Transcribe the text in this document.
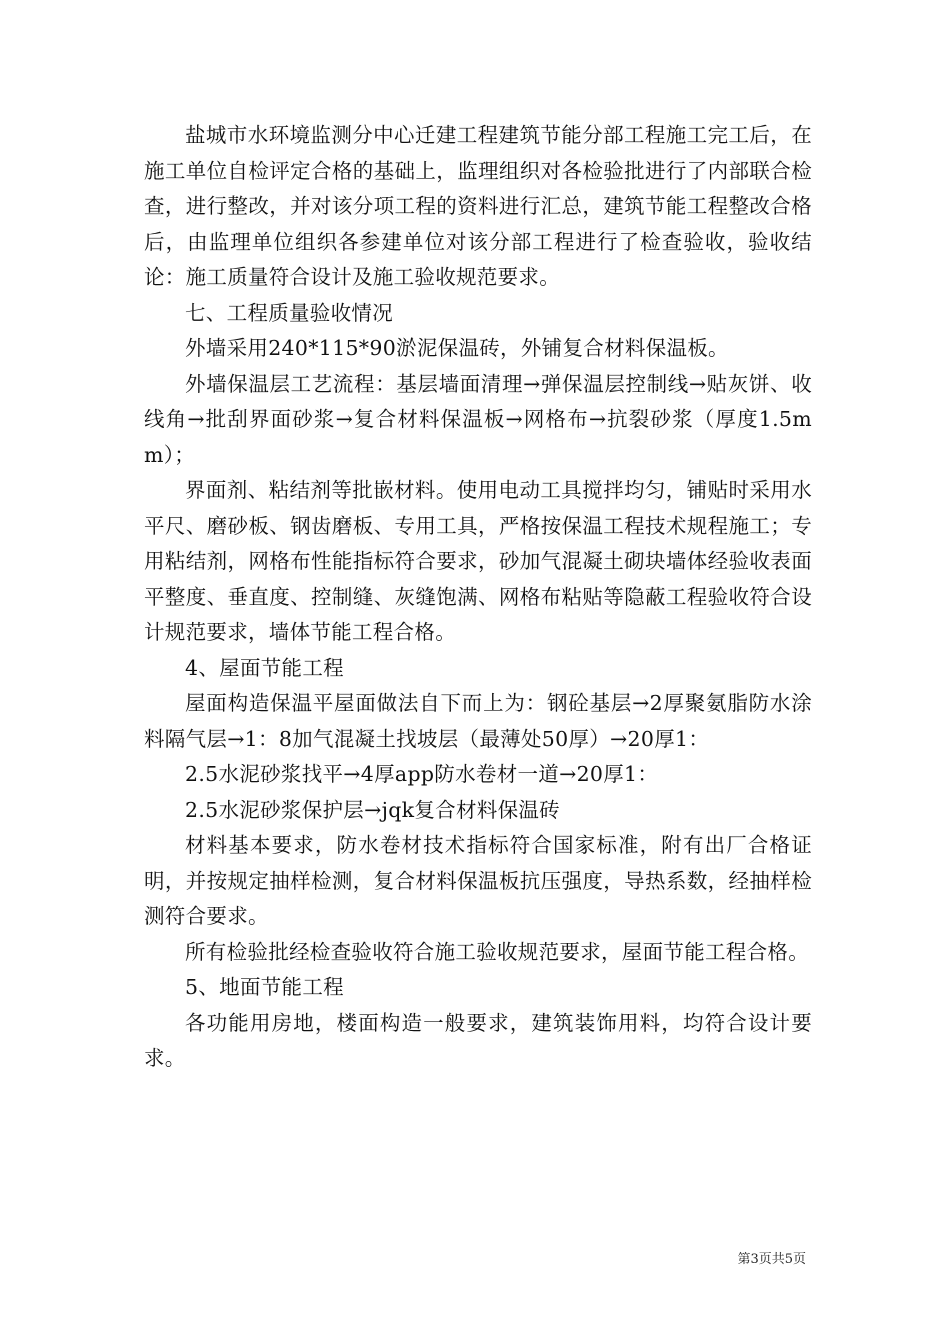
盐城市水环境监测分中心迁建工程建筑节能分部工程施工完工后，在施工单位自检评定合格的基础上，监理组织对各检验批进行了内部联合检查，进行整改，并对该分项工程的资料进行汇总，建筑节能工程整改合格后，由监理单位组织各参建单位对该分部工程进行了检查验收，验收结论：施工质量符合设计及施工验收规范要求。

七、工程质量验收情况

外墙采用240*115*90淤泥保温砖，外铺复合材料保温板。

外墙保温层工艺流程：基层墙面清理→弹保温层控制线→贴灰饼、收线角→批刮界面砂浆→复合材料保温板→网格布→抗裂砂浆（厚度1.5mm）；

界面剂、粘结剂等批嵌材料。使用电动工具搅拌均匀，铺贴时采用水平尺、磨砂板、钢齿磨板、专用工具，严格按保温工程技术规程施工；专用粘结剂，网格布性能指标符合要求，砂加气混凝土砌块墙体经验收表面平整度、垂直度、控制缝、灰缝饱满、网格布粘贴等隐蔽工程验收符合设计规范要求，墙体节能工程合格。

4、屋面节能工程

屋面构造保温平屋面做法自下而上为：钢砼基层→2厚聚氨脂防水涂料隔气层→1：8加气混凝土找坡层（最薄处50厚）→20厚1：

2.5水泥砂浆找平→4厚app防水卷材一道→20厚1：

2.5水泥砂浆保护层→jqk复合材料保温砖

材料基本要求，防水卷材技术指标符合国家标准，附有出厂合格证明，并按规定抽样检测，复合材料保温板抗压强度，导热系数，经抽样检测符合要求。

所有检验批经检查验收符合施工验收规范要求，屋面节能工程合格。

5、地面节能工程

各功能用房地，楼面构造一般要求，建筑装饰用料，均符合设计要求。

第3页共5页
